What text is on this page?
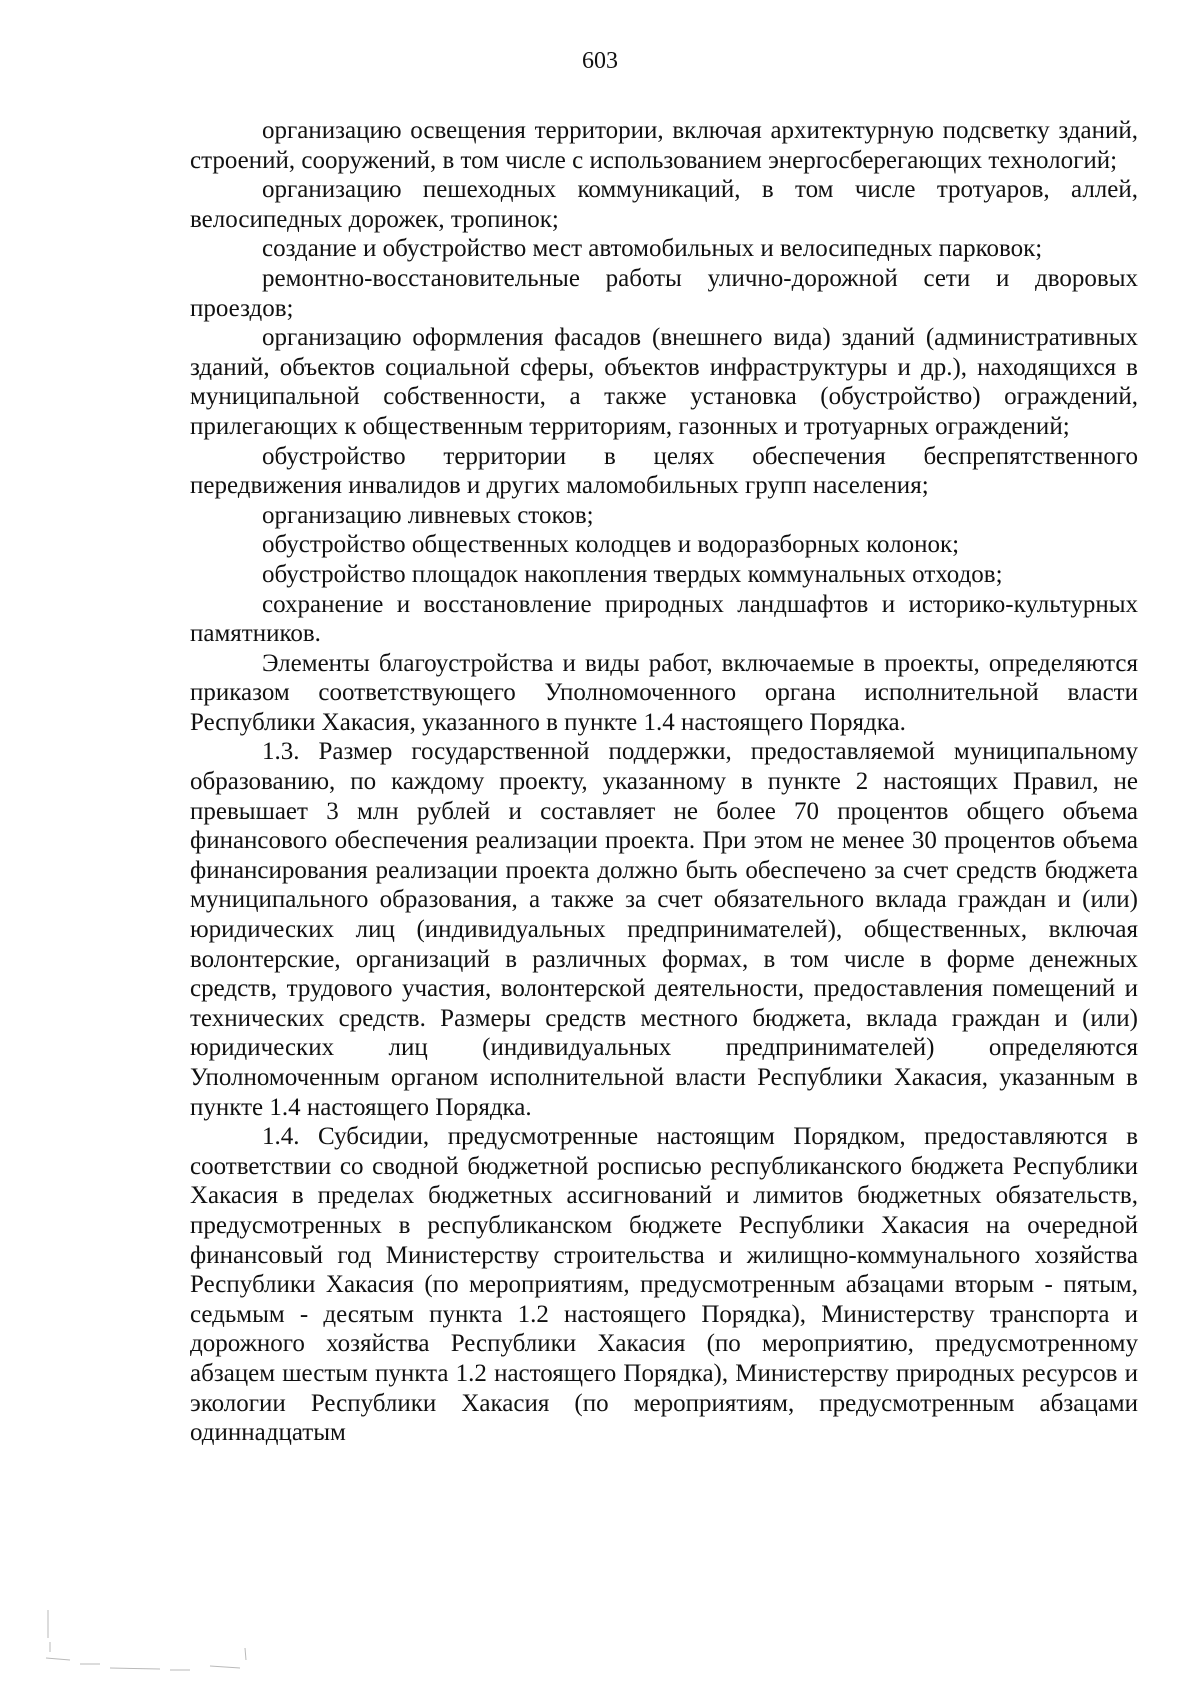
603

организацию освещения территории, включая архитектурную подсветку зданий, строений, сооружений, в том числе с использованием энергосберегающих технологий;

организацию пешеходных коммуникаций, в том числе тротуаров, аллей, велосипедных дорожек, тропинок;

создание и обустройство мест автомобильных и велосипедных парковок;

ремонтно-восстановительные работы улично-дорожной сети и дворовых проездов;

организацию оформления фасадов (внешнего вида) зданий (административных зданий, объектов социальной сферы, объектов инфраструктуры и др.), находящихся в муниципальной собственности, а также установка (обустройство) ограждений, прилегающих к общественным территориям, газонных и тротуарных ограждений;

обустройство территории в целях обеспечения беспрепятственного передвижения инвалидов и других маломобильных групп населения;

организацию ливневых стоков;

обустройство общественных колодцев и водоразборных колонок;

обустройство площадок накопления твердых коммунальных отходов;

сохранение и восстановление природных ландшафтов и историко-культурных памятников.

Элементы благоустройства и виды работ, включаемые в проекты, определяются приказом соответствующего Уполномоченного органа исполнительной власти Республики Хакасия, указанного в пункте 1.4 настоящего Порядка.

1.3. Размер государственной поддержки, предоставляемой муниципальному образованию, по каждому проекту, указанному в пункте 2 настоящих Правил, не превышает 3 млн рублей и составляет не более 70 процентов общего объема финансового обеспечения реализации проекта. При этом не менее 30 процентов объема финансирования реализации проекта должно быть обеспечено за счет средств бюджета муниципального образования, а также за счет обязательного вклада граждан и (или) юридических лиц (индивидуальных предпринимателей), общественных, включая волонтерские, организаций в различных формах, в том числе в форме денежных средств, трудового участия, волонтерской деятельности, предоставления помещений и технических средств. Размеры средств местного бюджета, вклада граждан и (или) юридических лиц (индивидуальных предпринимателей) определяются Уполномоченным органом исполнительной власти Республики Хакасия, указанным в пункте 1.4 настоящего Порядка.

1.4. Субсидии, предусмотренные настоящим Порядком, предоставляются в соответствии со сводной бюджетной росписью республиканского бюджета Республики Хакасия в пределах бюджетных ассигнований и лимитов бюджетных обязательств, предусмотренных в республиканском бюджете Республики Хакасия на очередной финансовый год Министерству строительства и жилищно-коммунального хозяйства Республики Хакасия (по мероприятиям, предусмотренным абзацами вторым - пятым, седьмым - десятым пункта 1.2 настоящего Порядка), Министерству транспорта и дорожного хозяйства Республики Хакасия (по мероприятию, предусмотренному абзацем шестым пункта 1.2 настоящего Порядка), Министерству природных ресурсов и экологии Республики Хакасия (по мероприятиям, предусмотренным абзацами одиннадцатым
